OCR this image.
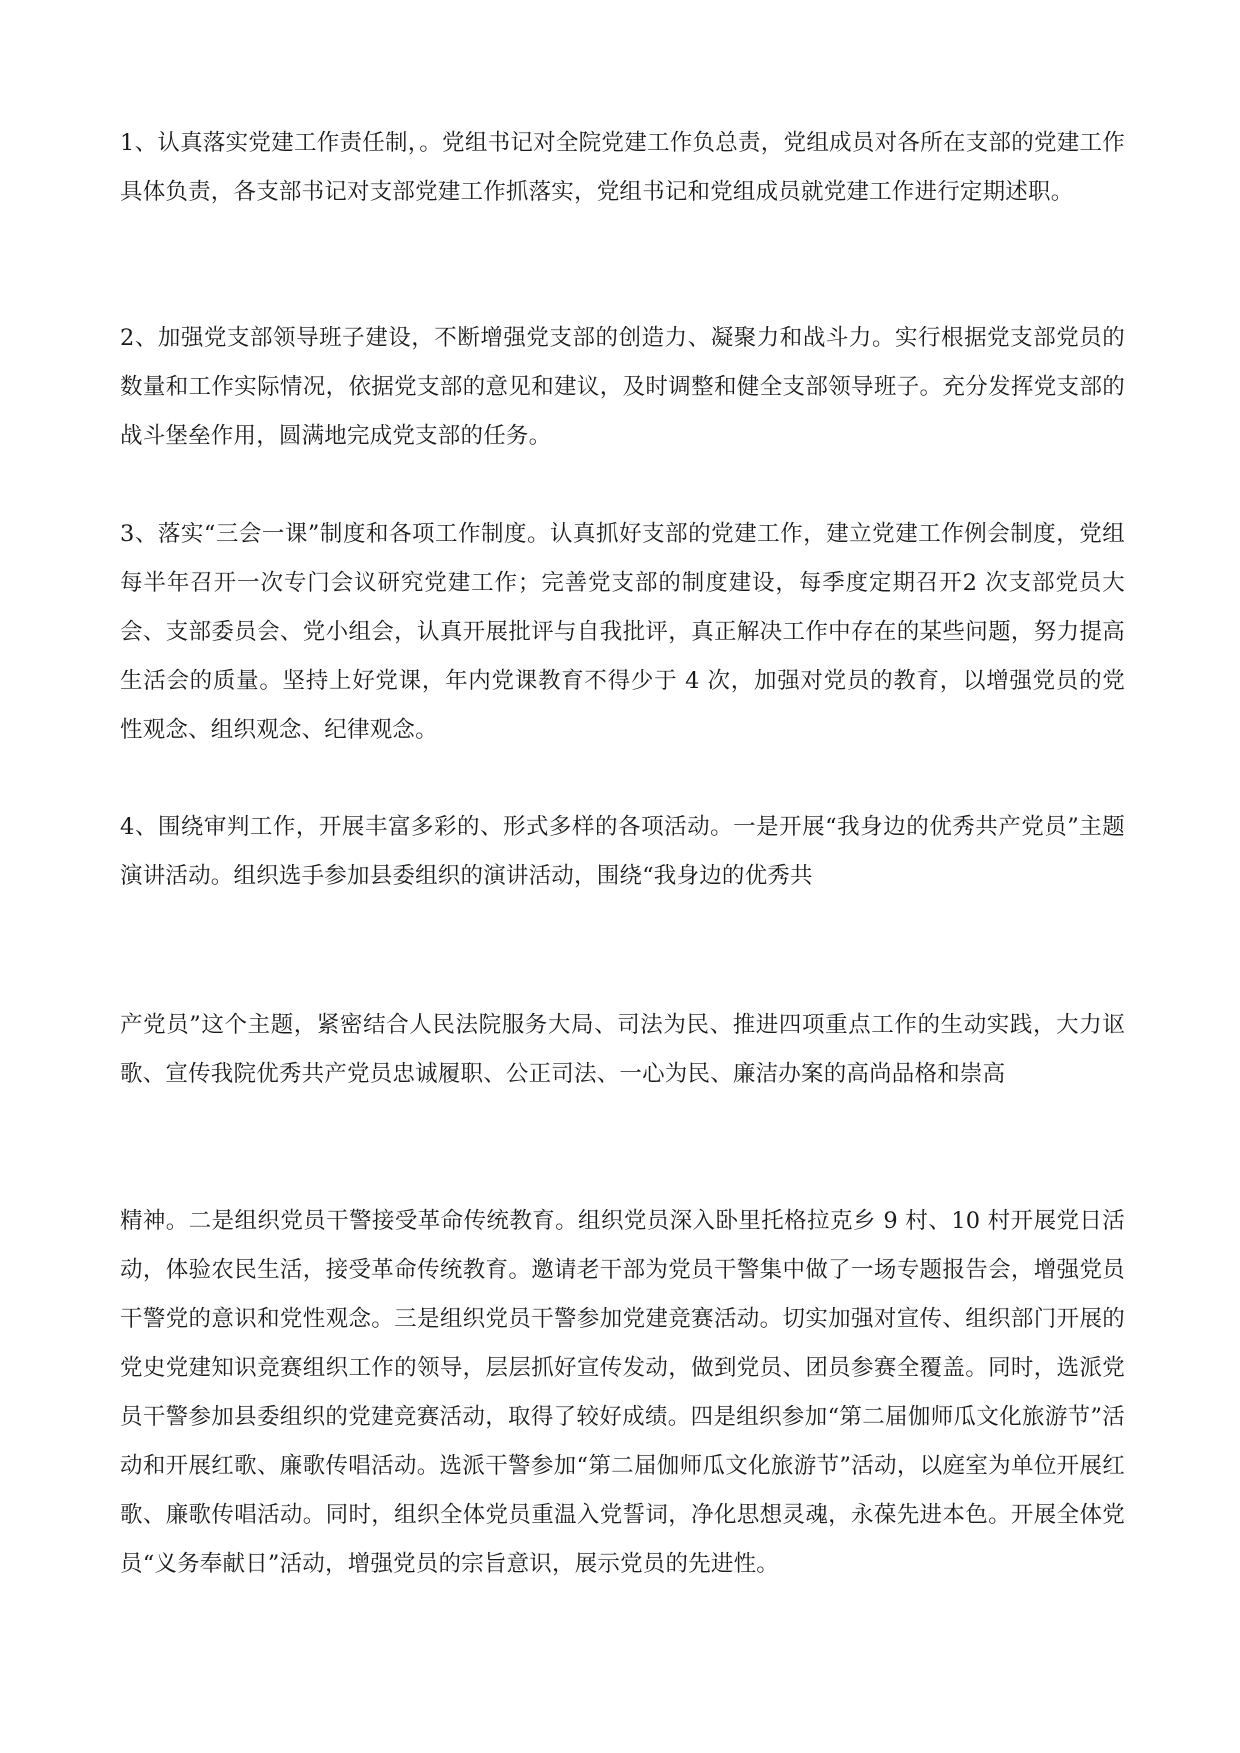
1、认真落实党建工作责任制，。党组书记对全院党建工作负总责，党组成员对各所在支部的党建工作具体负责，各支部书记对支部党建工作抓落实，党组书记和党组成员就党建工作进行定期述职。

2、加强党支部领导班子建设，不断增强党支部的创造力、凝聚力和战斗力。实行根据党支部党员的数量和工作实际情况，依据党支部的意见和建议，及时调整和健全支部领导班子。充分发挥党支部的战斗堡垒作用，圆满地完成党支部的任务。

3、落实“三会一课”制度和各项工作制度。认真抓好支部的党建工作，建立党建工作例会制度，党组每半年召开一次专门会议研究党建工作；完善党支部的制度建设，每季度定期召开2 次支部党员大会、支部委员会、党小组会，认真开展批评与自我批评，真正解决工作中存在的某些问题，努力提高生活会的质量。坚持上好党课，年内党课教育不得少于 4 次，加强对党员的教育，以增强党员的党性观念、组织观念、纪律观念。

4、围绕审判工作，开展丰富多彩的、形式多样的各项活动。一是开展“我身边的优秀共产党员”主题演讲活动。组织选手参加县委组织的演讲活动，围绕“我身边的优秀共

产党员”这个主题，紧密结合人民法院服务大局、司法为民、推进四项重点工作的生动实践，大力讴歌、宣传我院优秀共产党员忠诚履职、公正司法、一心为民、廉洁办案的高尚品格和崇高

精神。二是组织党员干警接受革命传统教育。组织党员深入卧里托格拉克乡 9 村、10 村开展党日活动，体验农民生活，接受革命传统教育。邀请老干部为党员干警集中做了一场专题报告会，增强党员干警党的意识和党性观念。三是组织党员干警参加党建竞赛活动。切实加强对宣传、组织部门开展的党史党建知识竞赛组织工作的领导，层层抓好宣传发动，做到党员、团员参赛全覆盖。同时，选派党员干警参加县委组织的党建竞赛活动，取得了较好成绩。四是组织参加“第二届伽师瓜文化旅游节”活动和开展红歌、廉歌传唱活动。选派干警参加“第二届伽师瓜文化旅游节”活动，以庭室为单位开展红歌、廉歌传唱活动。同时，组织全体党员重温入党誓词，净化思想灵魂，永葆先进本色。开展全体党员“义务奉献日”活动，增强党员的宗旨意识，展示党员的先进性。
